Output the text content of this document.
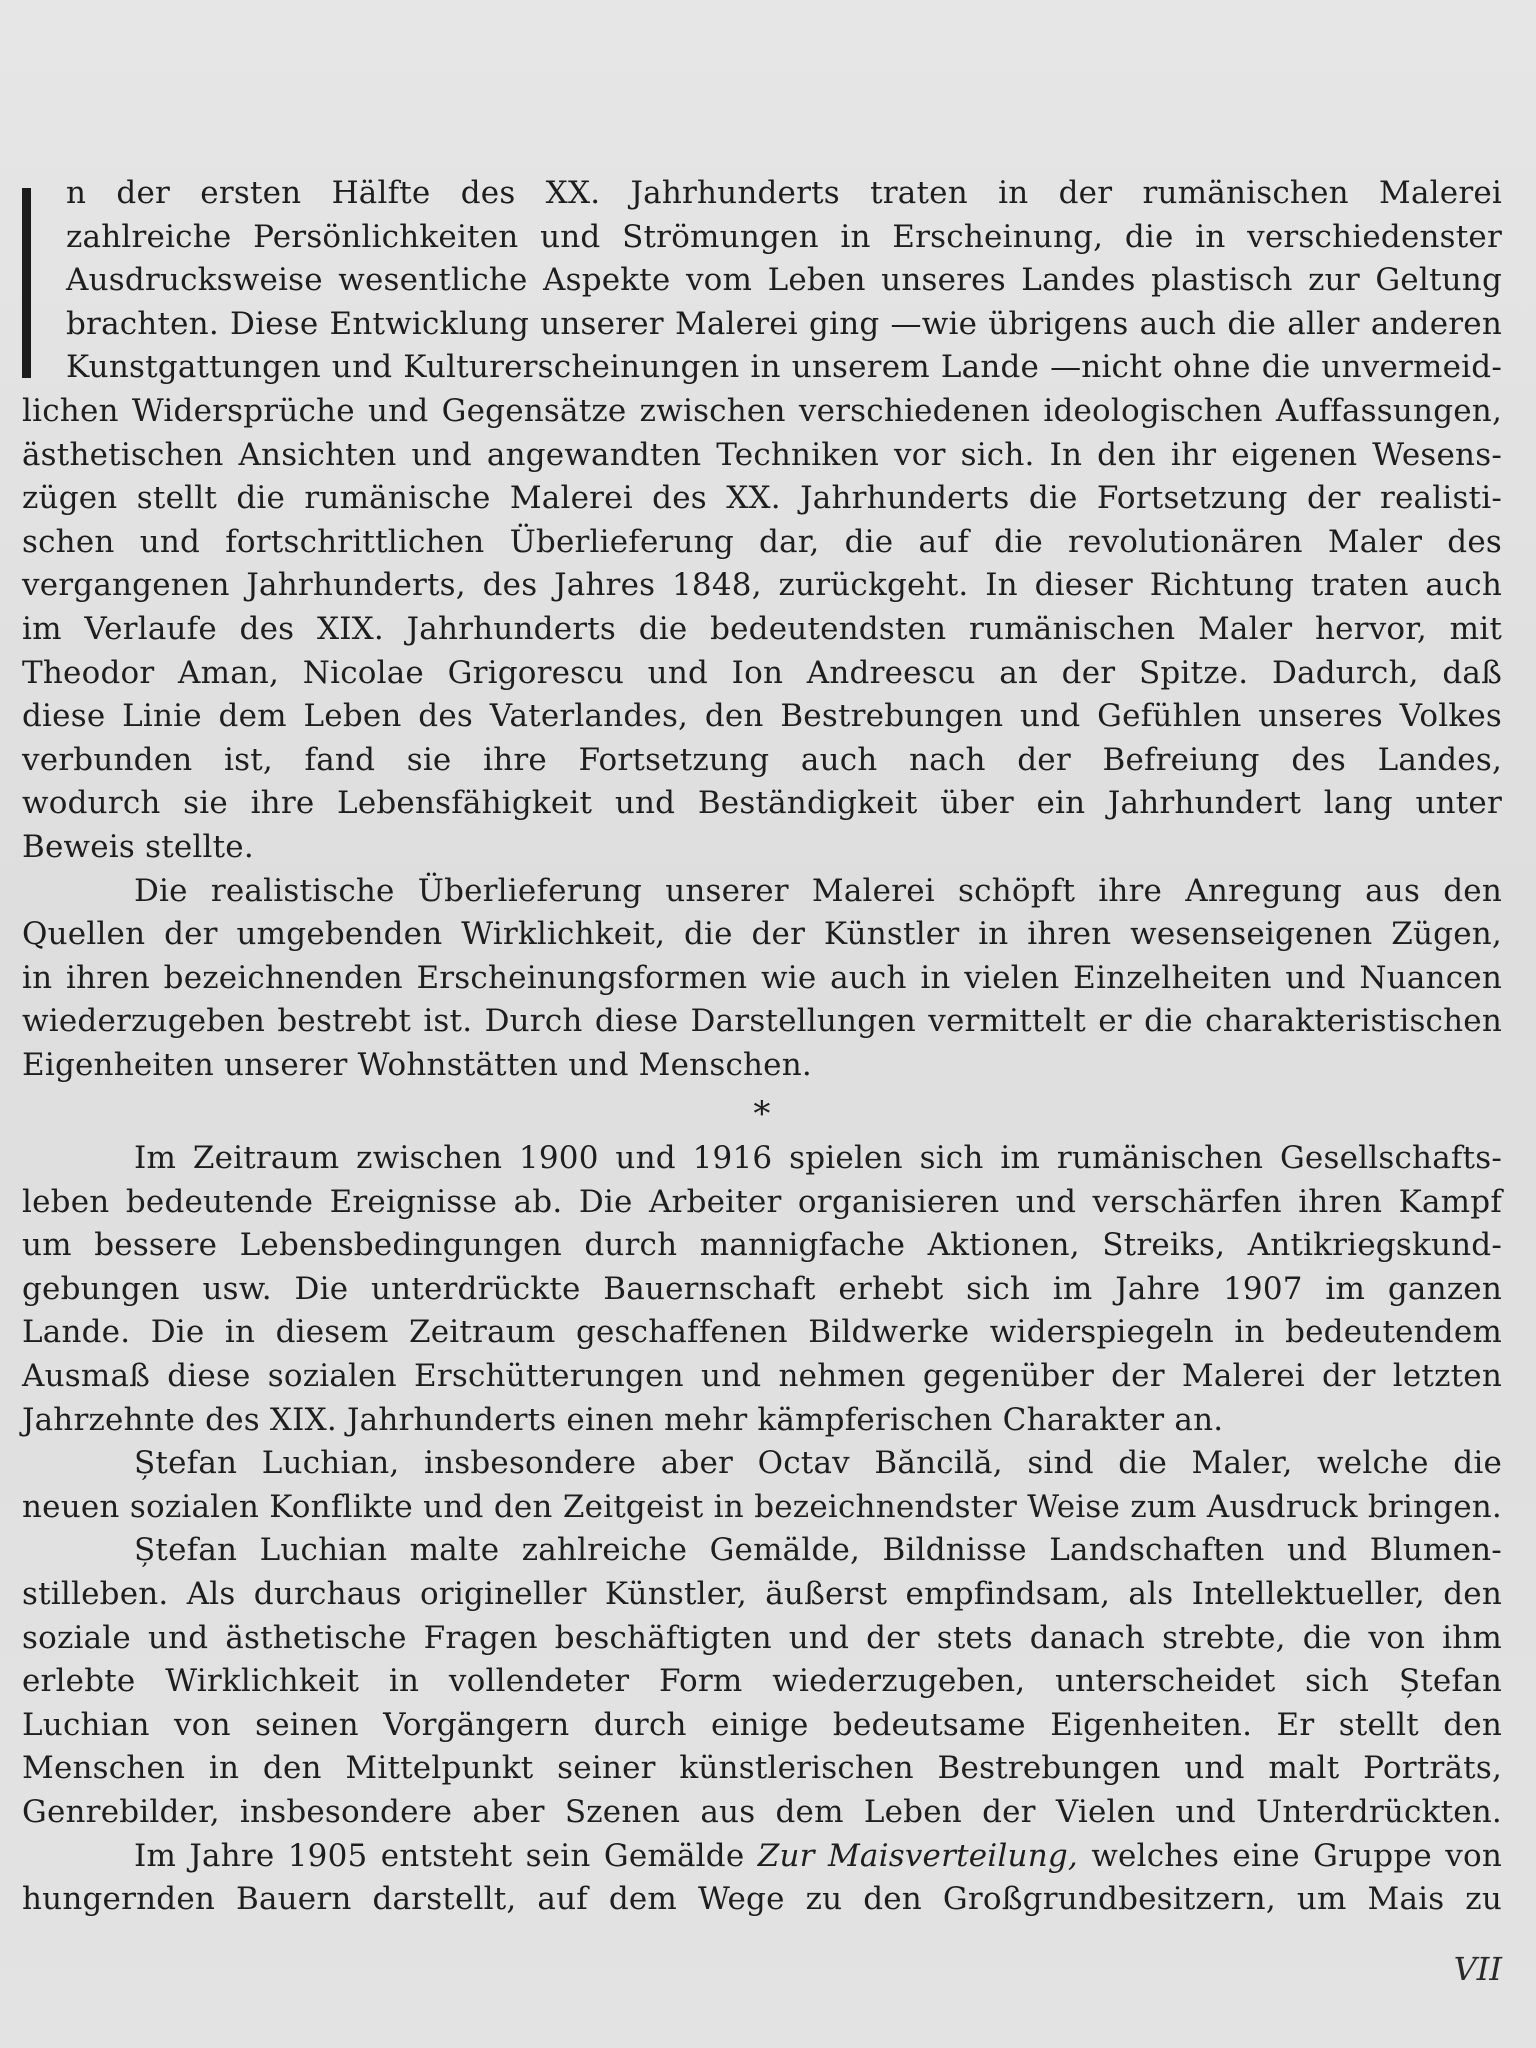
n der ersten Hälfte des XX. Jahrhunderts traten in der rumänischen Malerei
zahlreiche Persönlichkeiten und Strömungen in Erscheinung, die in verschiedenster
Ausdrucksweise wesentliche Aspekte vom Leben unseres Landes plastisch zur Geltung
brachten. Diese Entwicklung unserer Malerei ging —wie übrigens auch die aller anderen
Kunstgattungen und Kulturerscheinungen in unserem Lande —nicht ohne die unvermeid-
lichen Widersprüche und Gegensätze zwischen verschiedenen ideologischen Auffassungen,
ästhetischen Ansichten und angewandten Techniken vor sich. In den ihr eigenen Wesens-
zügen stellt die rumänische Malerei des XX. Jahrhunderts die Fortsetzung der realisti-
schen und fortschrittlichen Überlieferung dar, die auf die revolutionären Maler des
vergangenen Jahrhunderts, des Jahres 1848, zurückgeht. In dieser Richtung traten auch
im Verlaufe des XIX. Jahrhunderts die bedeutendsten rumänischen Maler hervor, mit
Theodor Aman, Nicolae Grigorescu und Ion Andreescu an der Spitze. Dadurch, daß
diese Linie dem Leben des Vaterlandes, den Bestrebungen und Gefühlen unseres Volkes
verbunden ist, fand sie ihre Fortsetzung auch nach der Befreiung des Landes,
wodurch sie ihre Lebensfähigkeit und Beständigkeit über ein Jahrhundert lang unter
Beweis stellte.
Die realistische Überlieferung unserer Malerei schöpft ihre Anregung aus den
Quellen der umgebenden Wirklichkeit, die der Künstler in ihren wesenseigenen Zügen,
in ihren bezeichnenden Erscheinungsformen wie auch in vielen Einzelheiten und Nuancen
wiederzugeben bestrebt ist. Durch diese Darstellungen vermittelt er die charakteristischen
Eigenheiten unserer Wohnstätten und Menschen.
*
Im Zeitraum zwischen 1900 und 1916 spielen sich im rumänischen Gesellschafts-
leben bedeutende Ereignisse ab. Die Arbeiter organisieren und verschärfen ihren Kampf
um bessere Lebensbedingungen durch mannigfache Aktionen, Streiks, Antikriegskund-
gebungen usw. Die unterdrückte Bauernschaft erhebt sich im Jahre 1907 im ganzen
Lande. Die in diesem Zeitraum geschaffenen Bildwerke widerspiegeln in bedeutendem
Ausmaß diese sozialen Erschütterungen und nehmen gegenüber der Malerei der letzten
Jahrzehnte des XIX. Jahrhunderts einen mehr kämpferischen Charakter an.
Ștefan Luchian, insbesondere aber Octav Băncilă, sind die Maler, welche die
neuen sozialen Konflikte und den Zeitgeist in bezeichnendster Weise zum Ausdruck bringen.
Ștefan Luchian malte zahlreiche Gemälde, Bildnisse Landschaften und Blumen-
stilleben. Als durchaus origineller Künstler, äußerst empfindsam, als Intellektueller, den
soziale und ästhetische Fragen beschäftigten und der stets danach strebte, die von ihm
erlebte Wirklichkeit in vollendeter Form wiederzugeben, unterscheidet sich Ștefan
Luchian von seinen Vorgängern durch einige bedeutsame Eigenheiten. Er stellt den
Menschen in den Mittelpunkt seiner künstlerischen Bestrebungen und malt Porträts,
Genrebilder, insbesondere aber Szenen aus dem Leben der Vielen und Unterdrückten.
Im Jahre 1905 entsteht sein Gemälde Zur Maisverteilung, welches eine Gruppe von
hungernden Bauern darstellt, auf dem Wege zu den Großgrundbesitzern, um Mais zu
VII
